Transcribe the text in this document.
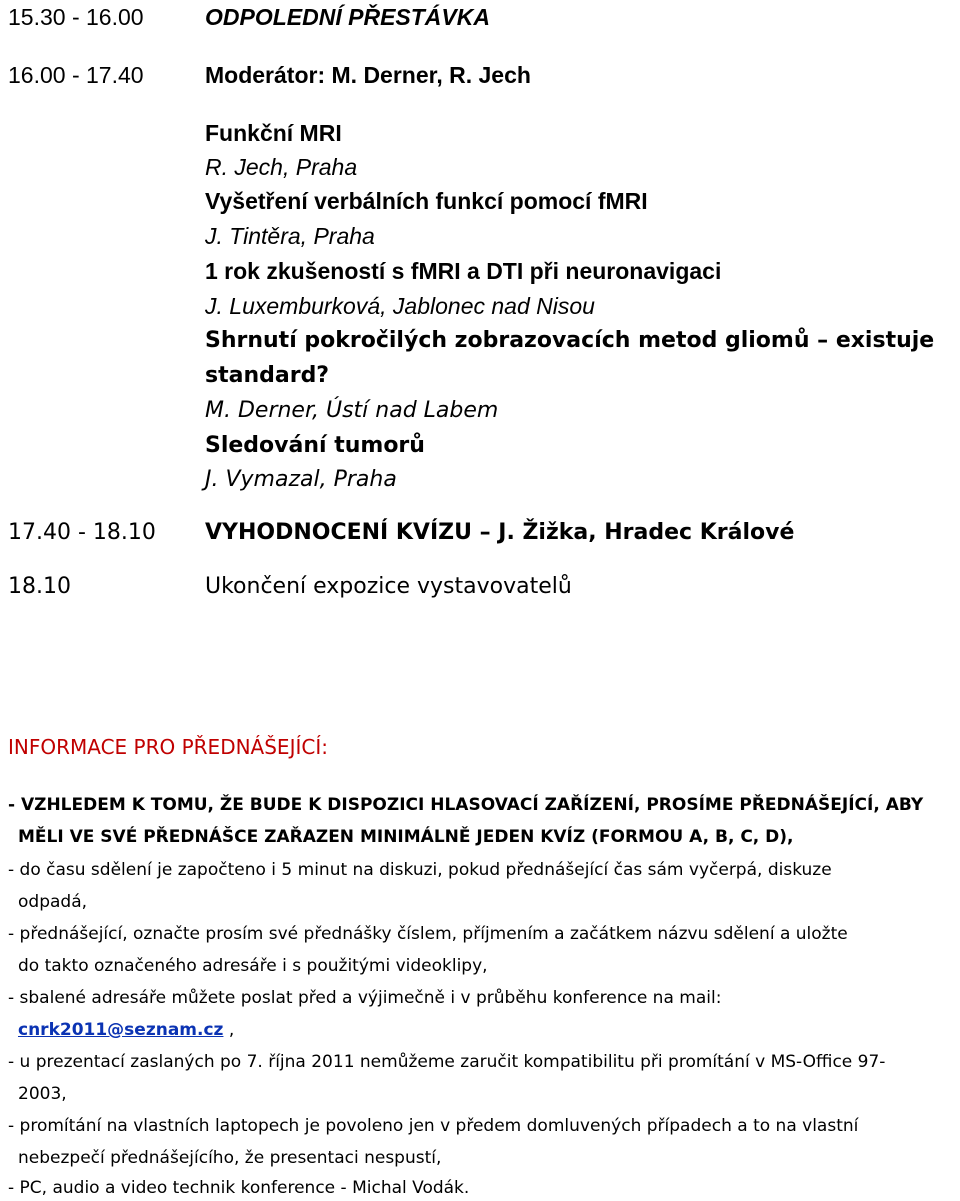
15.30 - 16.00	ODPOLEDNÍ PŘESTÁVKA
16.00 - 17.40	Moderátor: M. Derner, R. Jech
Funkční MRI
R. Jech, Praha
Vyšetření verbálních funkcí pomocí fMRI
J. Tintěra, Praha
1 rok zkušeností s fMRI a DTI při neuronavigaci
J. Luxemburková, Jablonec nad Nisou
Shrnutí pokročilých zobrazovacích metod gliomů – existuje
standard?
M. Derner, Ústí nad Labem
Sledování tumorů
J. Vymazal, Praha
17.40 - 18.10 VYHODNOCENÍ KVÍZU – J. Žižka, Hradec Králové
18.10	Ukončení expozice vystavovatelů
INFORMACE PRO PŘEDNÁŠEJÍCÍ:
- VZHLEDEM K TOMU, ŽE BUDE K DISPOZICI HLASOVACÍ ZAŘÍZENÍ, PROSÍME PŘEDNÁŠEJÍCÍ, ABY
MĚLI VE SVÉ PŘEDNÁŠCE ZAŘAZEN MINIMÁLNĚ JEDEN KVÍZ (FORMOU A, B, C, D),
- do času sdělení je započteno i 5 minut na diskuzi, pokud přednášející čas sám vyčerpá, diskuze
odpadá,
- přednášející, označte prosím své přednášky číslem, příjmením a začátkem názvu sdělení a uložte
do takto označeného adresáře i s použitými videoklipy,
- sbalené adresáře můžete poslat před a výjimečně i v průběhu konference na mail:
cnrk2011@seznam.cz ,
- u prezentací zaslaných po 7. října 2011 nemůžeme zaručit kompatibilitu při promítání v MS-Office 97-
2003,
- promítání na vlastních laptopech je povoleno jen v předem domluvených případech a to na vlastní
nebezpečí přednášejícího, že presentaci nespustí,
- PC, audio a video technik konference - Michal Vodák.
